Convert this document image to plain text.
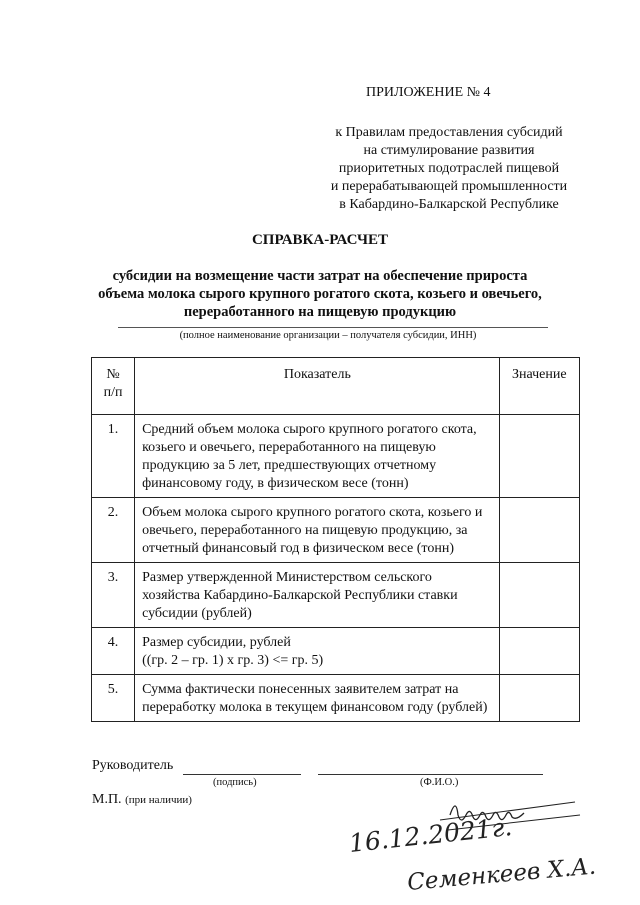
ПРИЛОЖЕНИЕ № 4
к Правилам предоставления субсидий
на стимулирование развития
приоритетных подотраслей пищевой
и перерабатывающей промышленности
в Кабардино-Балкарской Республике
СПРАВКА-РАСЧЕТ
субсидии на возмещение части затрат на обеспечение прироста
объема молока сырого крупного рогатого скота, козьего и овечьего,
переработанного на пищевую продукцию
(полное наименование организации – получателя субсидии, ИНН)
№
п/п	Показатель	Значение
1.	Средний объем молока сырого крупного рогатого скота, козьего и овечьего, переработанного на пищевую продукцию за 5 лет, предшествующих отчетному финансовому году, в физическом весе (тонн)	
2.	Объем молока сырого крупного рогатого скота, козьего и овечьего, переработанного на пищевую продукцию, за отчетный финансовый год в физическом весе (тонн)	
3.	Размер утвержденной Министерством сельского хозяйства Кабардино-Балкарской Республики ставки субсидии (рублей)	
4.	Размер субсидии, рублей
((гр. 2 – гр. 1) х гр. 3) <= гр. 5)	
5.	Сумма фактически понесенных заявителем затрат на переработку молока в текущем финансовом году (рублей)	
Руководитель
(подпись)	(Ф.И.О.)
М.П. (при наличии)
16.12.2021г.
Семенкеев Х.А.
